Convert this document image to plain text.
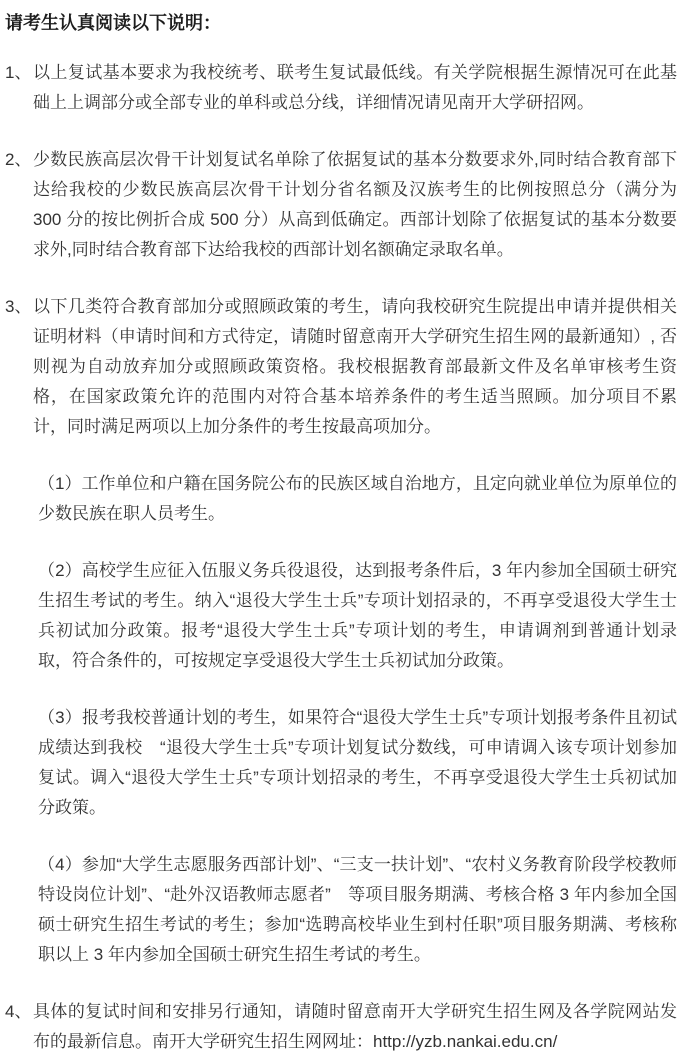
请考生认真阅读以下说明：
1、 以上复试基本要求为我校统考、联考生复试最低线。有关学院根据生源情况可在此基础上上调部分或全部专业的单科或总分线，详细情况请见南开大学研招网。

2、 少数民族高层次骨干计划复试名单除了依据复试的基本分数要求外,同时结合教育部下达给我校的少数民族高层次骨干计划分省名额及汉族考生的比例按照总分（满分为 300 分的按比例折合成 500 分）从高到低确定。西部计划除了依据复试的基本分数要求外,同时结合教育部下达给我校的西部计划名额确定录取名单。

3、 以下几类符合教育部加分或照顾政策的考生，请向我校研究生院提出申请并提供相关证明材料（申请时间和方式待定，请随时留意南开大学研究生招生网的最新通知）, 否则视为自动放弃加分或照顾政策资格。我校根据教育部最新文件及名单审核考生资格，在国家政策允许的范围内对符合基本培养条件的考生适当照顾。加分项目不累计，同时满足两项以上加分条件的考生按最高项加分。

（1）工作单位和户籍在国务院公布的民族区域自治地方，且定向就业单位为原单位的少数民族在职人员考生。

（2）高校学生应征入伍服义务兵役退役，达到报考条件后，3 年内参加全国硕士研究生招生考试的考生。纳入“退役大学生士兵”专项计划招录的，不再享受退役大学生士兵初试加分政策。报考“退役大学生士兵”专项计划的考生，申请调剂到普通计划录取，符合条件的，可按规定享受退役大学生士兵初试加分政策。

（3）报考我校普通计划的考生，如果符合“退役大学生士兵”专项计划报考条件且初试成绩达到我校　“退役大学生士兵”专项计划复试分数线，可申请调入该专项计划参加复试。调入“退役大学生士兵”专项计划招录的考生，不再享受退役大学生士兵初试加分政策。

（4）参加“大学生志愿服务西部计划”、“三支一扶计划”、“农村义务教育阶段学校教师特设岗位计划”、“赴外汉语教师志愿者”　等项目服务期满、考核合格 3 年内参加全国硕士研究生招生考试的考生；参加“选聘高校毕业生到村任职”项目服务期满、考核称职以上 3 年内参加全国硕士研究生招生考试的考生。

4、 具体的复试时间和安排另行通知，请随时留意南开大学研究生招生网及各学院网站发布的最新信息。南开大学研究生招生网网址：http://yzb.nankai.edu.cn/
